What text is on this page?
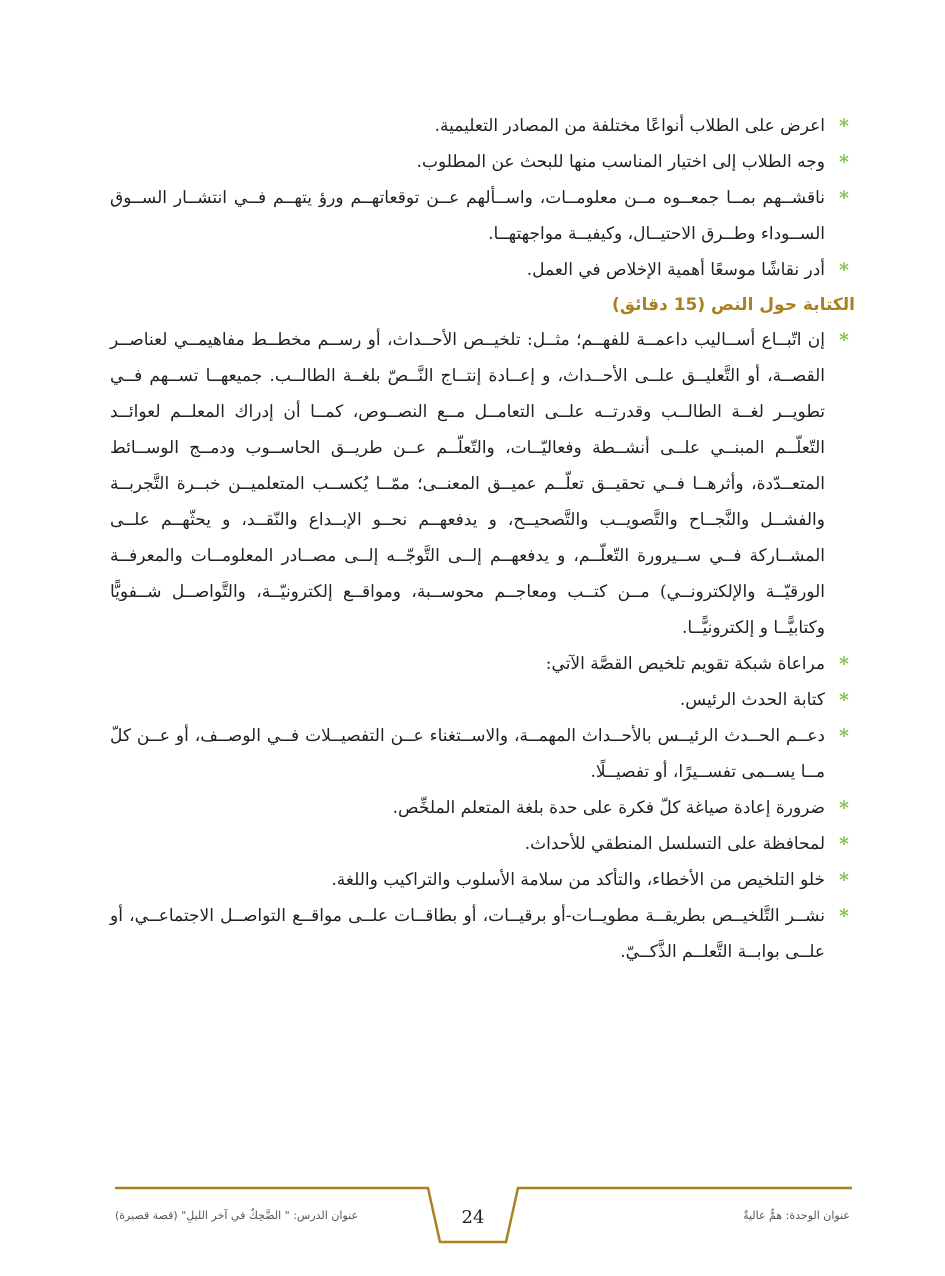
*
اعرض على الطلاب أنواعًا مختلفة من المصادر التعليمية.
*
وجه الطلاب إلى اختيار المناسب منها للبحث عن المطلوب.
*
ناقشــهم بمــا جمعــوه مــن معلومــات، واســألهم عــن توقعاتهــم ورؤ يتهــم فــي انتشــار الســوق الســوداء وطــرق الاحتيــال، وكيفيــة مواجهتهــا.
*
أدر نقاشًا موسعًا أهمية الإخلاص في العمل.
الكتابة حول النص (15 دقائق)
*
إن اتّبــاع أســاليب داعمــة للفهــم؛ مثــل: تلخيــص الأحــداث، أو رســم مخطــط مفاهيمــي لعناصــر القصــة، أو التَّعليــق علــى الأحــداث، و إعــادة إنتــاج النَّــصّ بلغــة الطالــب. جميعهــا تســهم فــي تطويــر لغــة الطالــب وقدرتــه علــى التعامــل مــع النصــوص، كمــا أن إدراك المعلــم لعوائــد التّعلّــم المبنــي علــى أنشــطة وفعاليّــات، والتّعلّــم عــن طريــق الحاســوب ودمــج الوســائط المتعــدّدة، وأثرهــا فــي تحقيــق تعلّــم عميــق المعنــى؛ ممّــا يُكســب المتعلميــن خبــرة التَّجربــة والفشــل والنَّجــاح والتَّصويــب والتَّصحيــح، و يدفعهــم نحــو الإبــداع والنّقــد، و يحثّهــم علــى المشــاركة فــي ســيرورة التّعلّــم، و يدفعهــم إلــى التَّوجّــه إلــى مصــادر المعلومــات والمعرفــة الورقيّــة والإلكترونــي) مــن كتــب ومعاجــم محوســبة، ومواقــع إلكترونيّــة، والتَّواصــل شــفويًّا وكتابيًّــا و إلكترونيًّــا.
*
مراعاة شبكة تقويم تلخيص القصَّة الآتي:
*
كتابة الحدث الرئيس.
*
دعــم الحــدث الرئيــس بالأحــداث المهمــة، والاســتغناء عــن التفصيــلات فــي الوصــف، أو عــن كلّ مــا يســمى تفســيرًا، أو تفصيــلًا.
*
ضرورة إعادة صياغة كلّ فكرة على حدة بلغة المتعلم الملخِّص.
*
لمحافظة على التسلسل المنطقي للأحداث.
*
خلو التلخيص من الأخطاء، والتأكد من سلامة الأسلوب والتراكيب واللغة.
*
نشــر التَّلخيــص بطريقــة مطويــات-أو برقيــات، أو بطاقــات علــى مواقــع التواصــل الاجتماعــي، أو علــى بوابــة التَّعلــم الذَّكــيّ.
عنوان الوحدة: همٌّ عاليةٌ
24
عنوان الدرس: " الضَّحِكُ في آخر الليلِ" (قصة قصيرة)
